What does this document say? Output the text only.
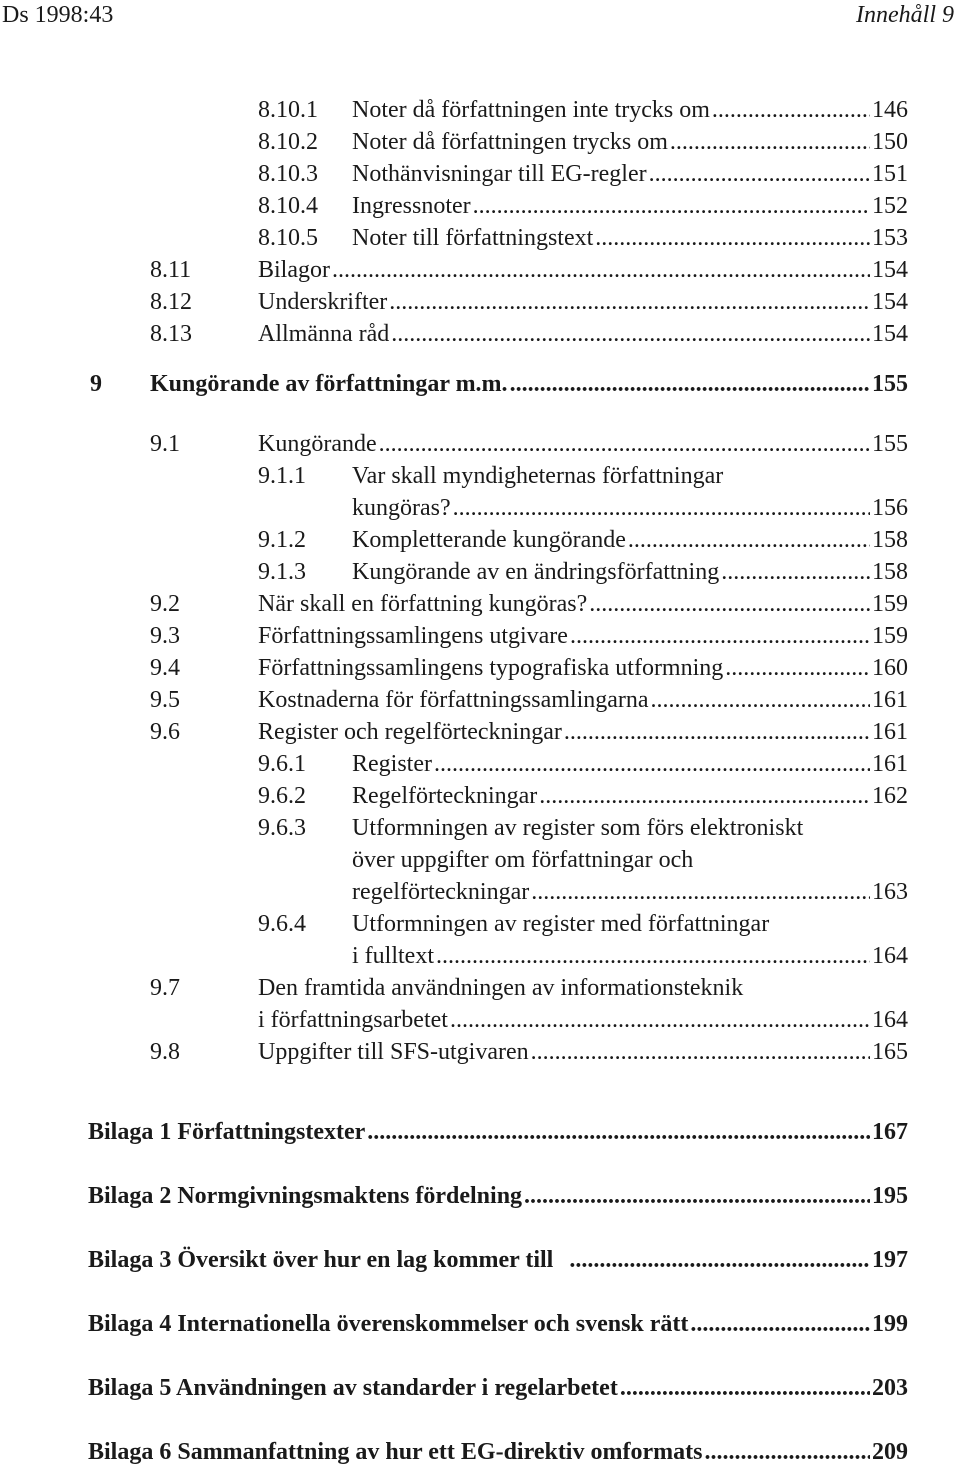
Ds 1998:43	Innehåll 9
8.10.1	Noter då författningen inte trycks om .....	146
8.10.2	Noter då författningen trycks om .....	150
8.10.3	Nothänvisningar till EG-regler .....	151
8.10.4	Ingressnoter .....	152
8.10.5	Noter till författningstext .....	153
8.11	Bilagor .....	154
8.12	Underskrifter .....	154
8.13	Allmänna råd .....	154
9	Kungörande av författningar m.m. .....	155
9.1	Kungörande .....	155
9.1.1 Var skall myndigheternas författningar
kungöras? .....	156
9.1.2	Kompletterande kungörande .....	158
9.1.3	Kungörande av en ändringsförfattning .....	158
9.2	När skall en författning kungöras? .....	159
9.3	Författningssamlingens utgivare .....	159
9.4	Författningssamlingens typografiska utformning .....	160
9.5	Kostnaderna för författningssamlingarna .....	161
9.6	Register och regelförteckningar .....	161
9.6.1	Register .....	161
9.6.2	Regelförteckningar .....	162
9.6.3 Utformningen av register som förs elektroniskt
över uppgifter om författningar och
regelförteckningar .....	163
9.6.4 Utformningen av register med författningar
i fulltext .....	164
9.7	Den framtida användningen av informationsteknik
i författningsarbetet .....	164
9.8	Uppgifter till SFS-utgivaren .....	165
Bilaga 1 Författningstexter .....	167
Bilaga 2 Normgivningsmaktens fördelning .....	195
Bilaga 3 Översikt över hur en lag kommer till .....	197
Bilaga 4 Internationella överenskommelser och svensk rätt .....	199
Bilaga 5 Användningen av standarder i regelarbetet .....	203
Bilaga 6 Sammanfattning av hur ett EG-direktiv omformats .....	209
